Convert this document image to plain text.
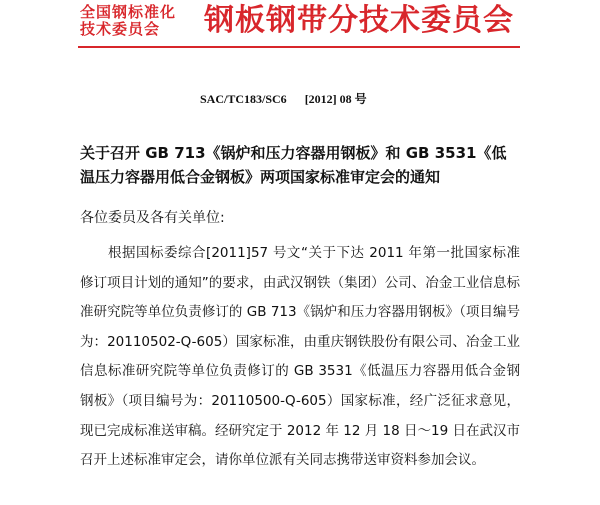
全国钢标准化
技术委员会	钢板钢带分技术委员会
SAC/TC183/SC6 [2012] 08 号
关于召开 GB 713《锅炉和压力容器用钢板》和 GB 3531《低温压力容器用低合金钢板》两项国家标准审定会的通知
各位委员及各有关单位:
根据国标委综合[2011]57 号文“关于下达 2011 年第一批国家标准修订项目计划的通知”的要求，由武汉钢铁（集团）公司、冶金工业信息标准研究院等单位负责修订的 GB 713《锅炉和压力容器用钢板》（项目编号为：20110502-Q-605）国家标准，由重庆钢铁股份有限公司、冶金工业信息标准研究院等单位负责修订的 GB 3531《低温压力容器用低合金钢钢板》（项目编号为：20110500-Q-605）国家标准，经广泛征求意见，现已完成标准送审稿。经研究定于 2012 年 12 月 18 日～19 日在武汉市召开上述标准审定会，请你单位派有关同志携带送审资料参加会议。
